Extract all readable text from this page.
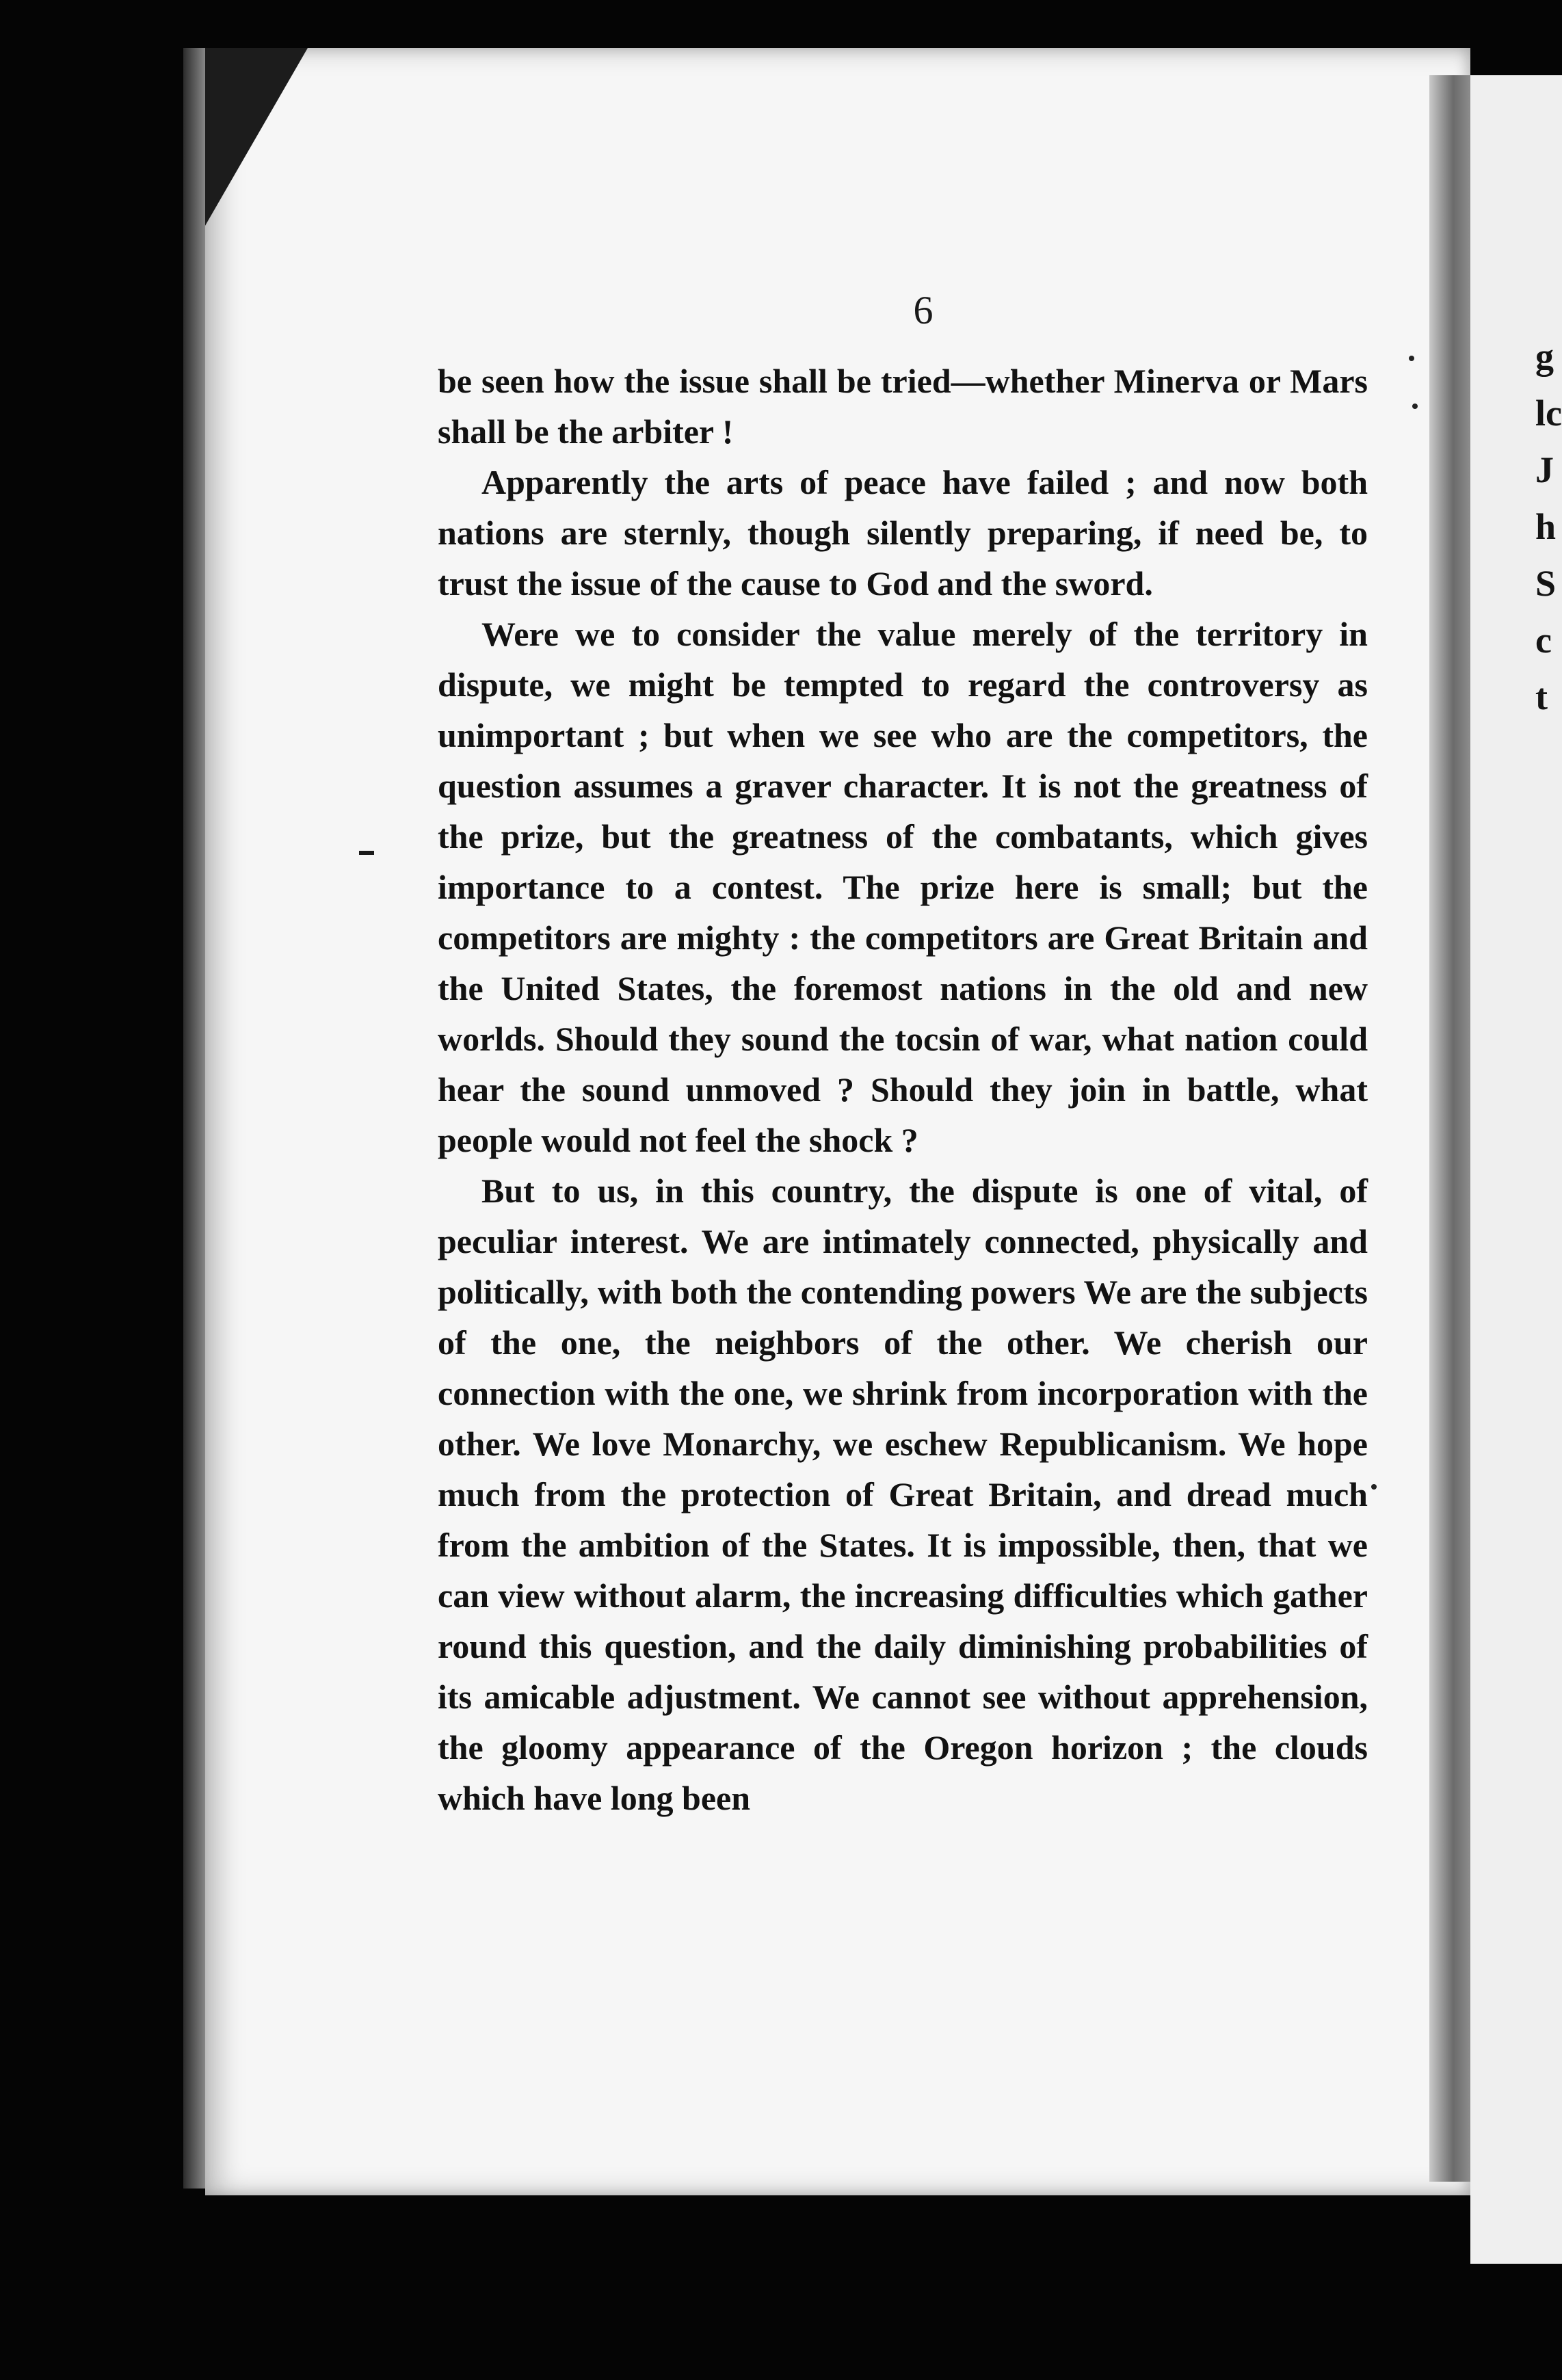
g
lc
J
h
S
c
t
6

be seen how the issue shall be tried—whether Minerva or Mars shall be the arbiter !

Apparently the arts of peace have failed ; and now both nations are sternly, though silently preparing, if need be, to trust the issue of the cause to God and the sword.

Were we to consider the value merely of the territory in dispute, we might be tempted to regard the controversy as unimportant ; but when we see who are the competitors, the question assumes a graver character. It is not the greatness of the prize, but the greatness of the combatants, which gives importance to a contest. The prize here is small; but the competitors are mighty : the competitors are Great Britain and the United States, the foremost nations in the old and new worlds. Should they sound the tocsin of war, what nation could hear the sound unmoved ? Should they join in battle, what people would not feel the shock ?

But to us, in this country, the dispute is one of vital, of peculiar interest. We are intimately connected, physically and politically, with both the contending powers We are the subjects of the one, the neighbors of the other. We cherish our connection with the one, we shrink from incorporation with the other. We love Monarchy, we eschew Republicanism. We hope much from the protection of Great Britain, and dread much from the ambition of the States. It is impossible, then, that we can view without alarm, the increasing difficulties which gather round this question, and the daily diminishing probabilities of its amicable adjustment. We cannot see without apprehension, the gloomy appearance of the Oregon horizon ; the clouds which have long been
